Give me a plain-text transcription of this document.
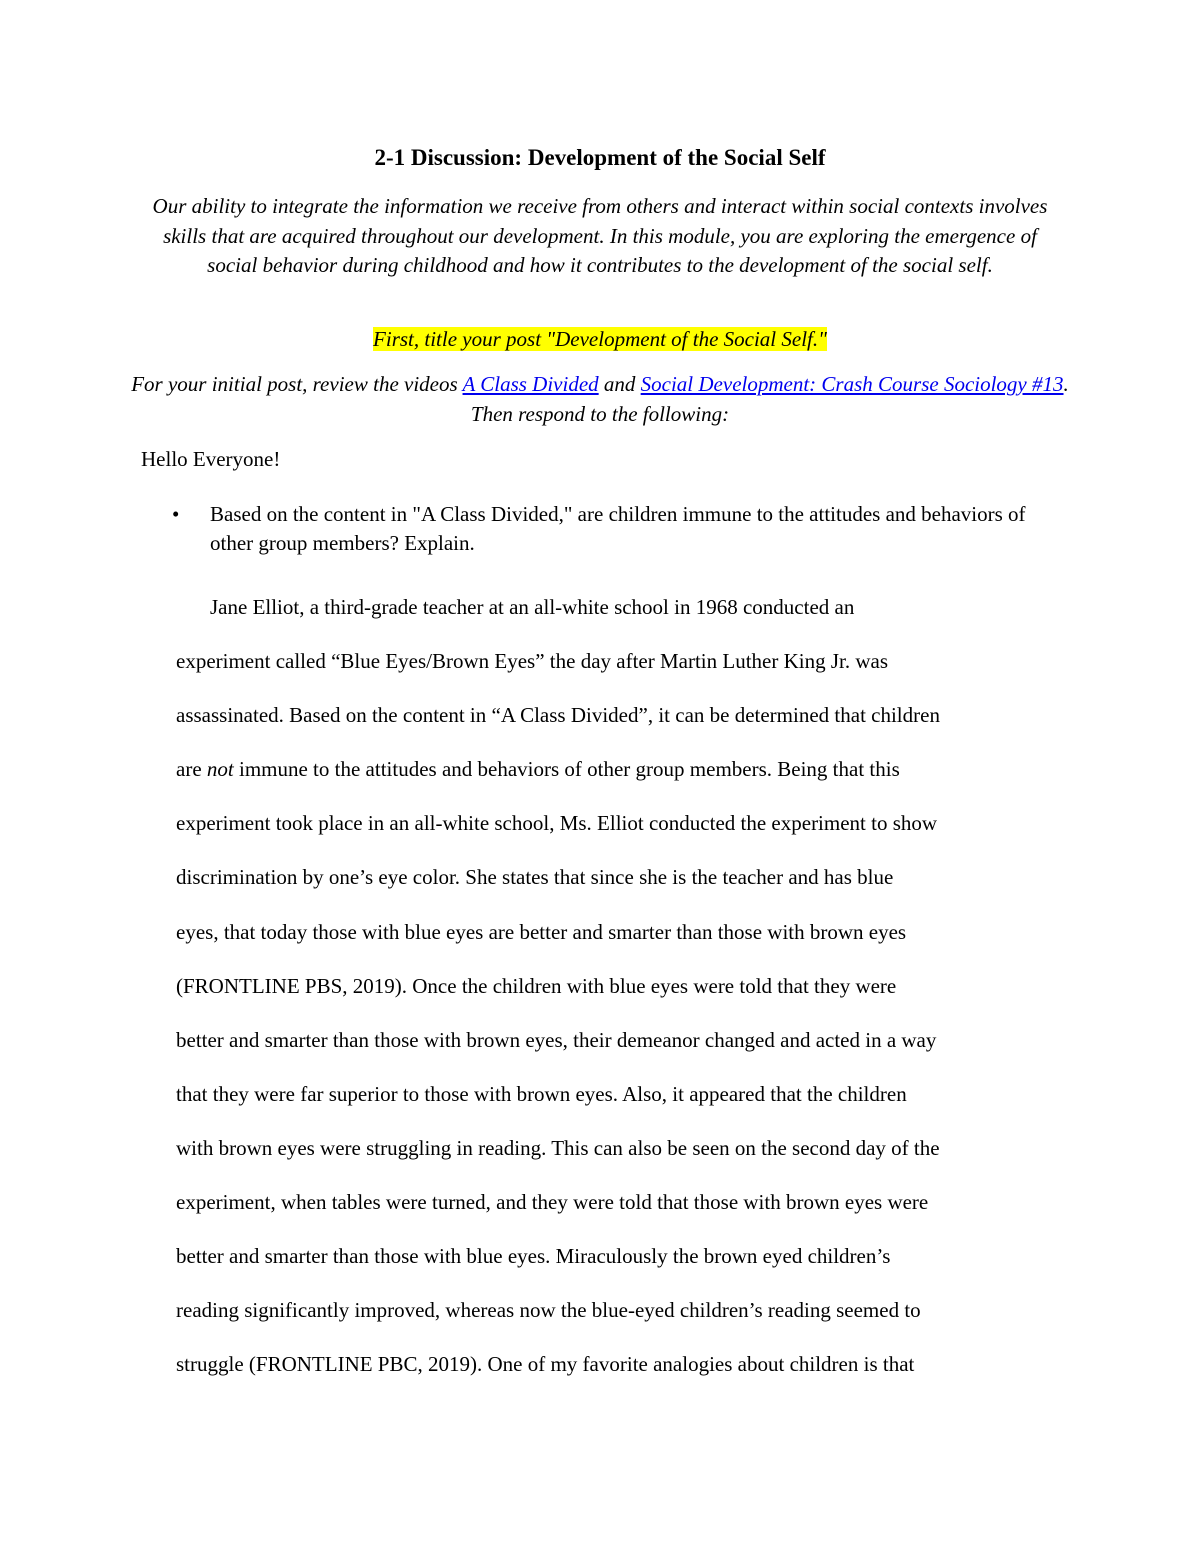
2-1 Discussion: Development of the Social Self
Our ability to integrate the information we receive from others and interact within social contexts involves skills that are acquired throughout our development. In this module, you are exploring the emergence of social behavior during childhood and how it contributes to the development of the social self.
First, title your post "Development of the Social Self."
For your initial post, review the videos A Class Divided and Social Development: Crash Course Sociology #13. Then respond to the following:
Hello Everyone!
• Based on the content in "A Class Divided," are children immune to the attitudes and behaviors of other group members? Explain.
Jane Elliot, a third-grade teacher at an all-white school in 1968 conducted an
experiment called “Blue Eyes/Brown Eyes” the day after Martin Luther King Jr. was
assassinated. Based on the content in “A Class Divided”, it can be determined that children
are not immune to the attitudes and behaviors of other group members. Being that this
experiment took place in an all-white school, Ms. Elliot conducted the experiment to show
discrimination by one’s eye color. She states that since she is the teacher and has blue
eyes, that today those with blue eyes are better and smarter than those with brown eyes
(FRONTLINE PBS, 2019). Once the children with blue eyes were told that they were
better and smarter than those with brown eyes, their demeanor changed and acted in a way
that they were far superior to those with brown eyes. Also, it appeared that the children
with brown eyes were struggling in reading. This can also be seen on the second day of the
experiment, when tables were turned, and they were told that those with brown eyes were
better and smarter than those with blue eyes. Miraculously the brown eyed children’s
reading significantly improved, whereas now the blue-eyed children’s reading seemed to
struggle (FRONTLINE PBC, 2019). One of my favorite analogies about children is that
